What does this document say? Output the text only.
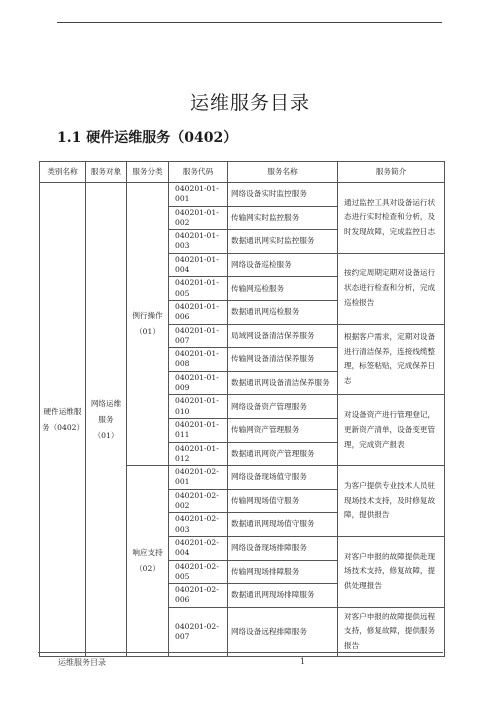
运维服务目录
1.1 硬件运维服务（0402）
类别名称	服务对象	服务分类	服务代码	服务名称	服务简介
硬件运维服务（0402）	网络运维服务（01）	例行操作（01）	040201-01-001	网络设备实时监控服务	通过监控工具对设备运行状态进行实时检查和分析，及时发现故障，完成监控日志
			040201-01-002	传输网实时监控服务	
			040201-01-003	数据通讯网实时监控服务	
			040201-01-004	网络设备巡检服务	按约定周期定期对设备运行状态进行检查和分析，完成巡检报告
			040201-01-005	传输网巡检服务	
			040201-01-006	数据通讯网巡检服务	
			040201-01-007	局域网设备清洁保养服务	根据客户需求，定期对设备进行清洁保养，连接线缆整理，标签粘贴，完成保养日志
			040201-01-008	传输网设备清洁保养服务	
			040201-01-009	数据通讯网设备清洁保养服务	
			040201-01-010	网络设备资产管理服务	对设备资产进行管理登记，更新资产清单，设备变更管理，完成资产报表
			040201-01-011	传输网资产管理服务	
			040201-01-012	数据通讯网资产管理服务	
		响应支持（02）	040201-02-001	网络设备现场值守服务	为客户提供专业技术人员驻现场技术支持，及时修复故障，提供报告
			040201-02-002	传输网现场值守服务	
			040201-02-003	数据通讯网现场值守服务	
			040201-02-004	网络设备现场排障服务	对客户申报的故障提供赴现场技术支持，修复故障，提供处理报告
			040201-02-005	传输网现场排障服务	
			040201-02-006	数据通讯网现场排障服务	
			040201-02-007	网络设备远程排障服务	对客户申报的故障提供远程支持，修复故障，提供服务报告
运维服务目录	1
